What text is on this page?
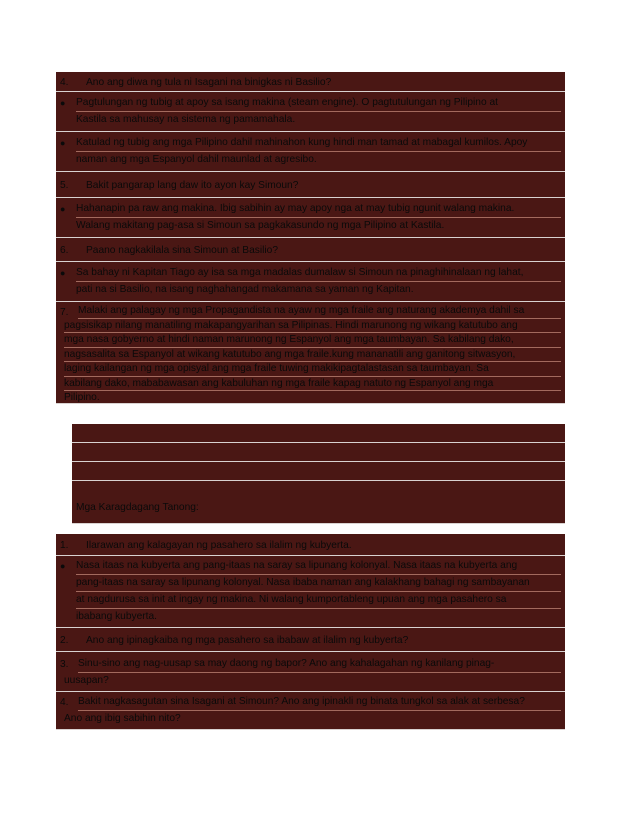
4.	Ano ang diwa ng tula ni Isagani na binigkas ni Basilio?
●	Pagtulungan ng tubig at apoy sa isang makina (steam engine). O pagtutulungan ng Pilipino at
Kastila sa mahusay na sistema ng pamamahala.
●	Katulad ng tubig ang mga Pilipino dahil mahinahon kung hindi man tamad at mabagal kumilos. Apoy
naman ang mga Espanyol dahil maunlad at agresibo.
5.	Bakit pangarap lang daw ito ayon kay Simoun?
●	Hahanapin pa raw ang makina. Ibig sabihin ay may apoy nga at may tubig ngunit walang makina.
Walang makitang pag-asa si Simoun sa pagkakasundo ng mga Pilipino at Kastila.
6.	Paano nagkakilala sina Simoun at Basilio?
●	Sa bahay ni Kapitan Tiago ay isa sa mga madalas dumalaw si Simoun na pinaghihinalaan ng lahat,
pati na si Basilio, na isang naghahangad makamana sa yaman ng Kapitan.
7. Malaki ang palagay ng mga Propagandista na ayaw ng mga fraile ang naturang akademya dahil sa
pagsisikap nilang manatiling makapangyarihan sa Pilipinas. Hindi marunong ng wikang katutubo ang
mga nasa gobyerno at hindi naman marunong ng Espanyol ang mga taumbayan. Sa kabilang dako,
nagsasalita sa Espanyol at wikang katutubo ang mga fraile.kung mananatili ang ganitong sitwasyon,
laging kailangan ng mga opisyal ang mga fraile tuwing makikipagtalastasan sa taumbayan. Sa
kabilang dako, mababawasan ang kabuluhan ng mga fraile kapag natuto ng Espanyol ang mga
Pilipino.
Mga Karagdagang Tanong:
1.	Ilarawan ang kalagayan ng pasahero sa ilalim ng kubyerta.
●	Nasa itaas na kubyerta ang pang-itaas na saray sa lipunang kolonyal. Nasa itaas na kubyerta ang
pang-itaas na saray sa lipunang kolonyal. Nasa ibaba naman ang kalakhang bahagi ng sambayanan
at nagdurusa sa init at ingay ng makina. Ni walang kumportableng upuan ang mga pasahero sa
ibabang kubyerta.
2.	Ano ang ipinagkaiba ng mga pasahero sa ibabaw at ilalim ng kubyerta?
3. Sinu-sino ang nag-uusap sa may daong ng bapor? Ano ang kahalagahan ng kanilang pinag-
uusapan?
4. Bakit nagkasagutan sina Isagani at Simoun? Ano ang ipinakli ng binata tungkol sa alak at serbesa?
Ano ang ibig sabihin nito?
